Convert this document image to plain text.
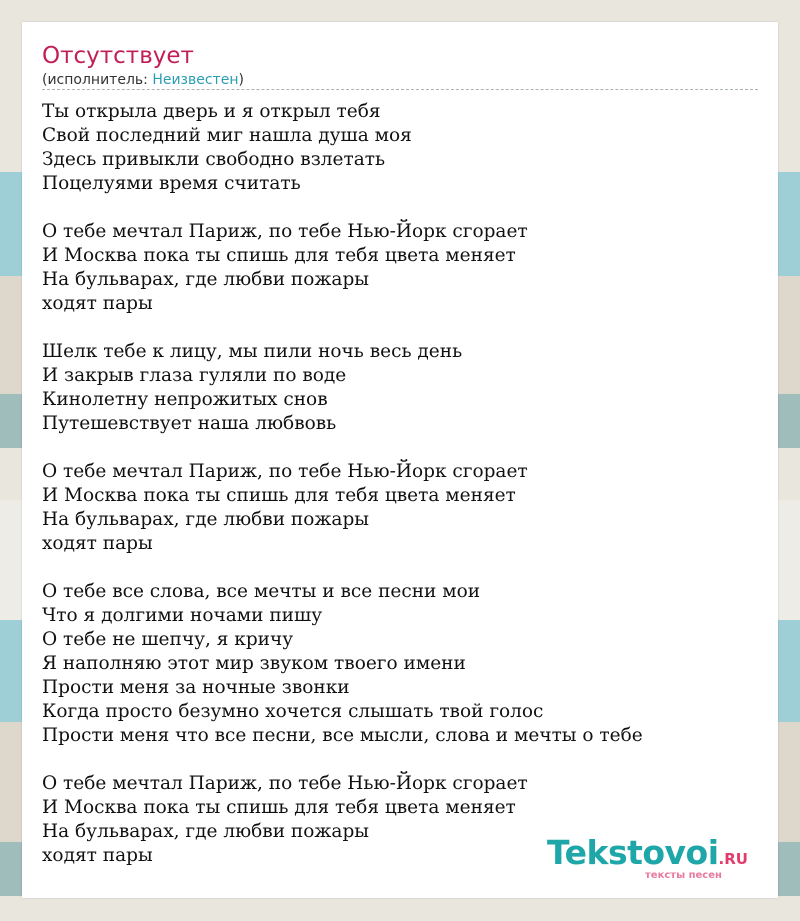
Отсутствует
(исполнитель: Неизвестен)
Ты открыла дверь и я открыл тебя
Свой последний миг нашла душа моя
Здесь привыкли свободно взлетать
Поцелуями время считать
О тебе мечтал Париж, по тебе Нью-Йорк сгорает
И Москва пока ты спишь для тебя цвета меняет
На бульварах, где любви пожары
ходят пары
Шелк тебе к лицу, мы пили ночь весь день
И закрыв глаза гуляли по воде
Кинолетну непрожитых снов
Путешевствует наша любвовь
О тебе мечтал Париж, по тебе Нью-Йорк сгорает
И Москва пока ты спишь для тебя цвета меняет
На бульварах, где любви пожары
ходят пары
О тебе все слова, все мечты и все песни мои
Что я долгими ночами пишу
О тебе не шепчу, я кричу
Я наполняю этот мир звуком твоего имени
Прости меня за ночные звонки
Когда просто безумно хочется слышать твой голос
Прости меня что все песни, все мысли, слова и мечты о тебе
О тебе мечтал Париж, по тебе Нью-Йорк сгорает
И Москва пока ты спишь для тебя цвета меняет
На бульварах, где любви пожары
ходят пары	Tekstovoi.RU
тексты песен
